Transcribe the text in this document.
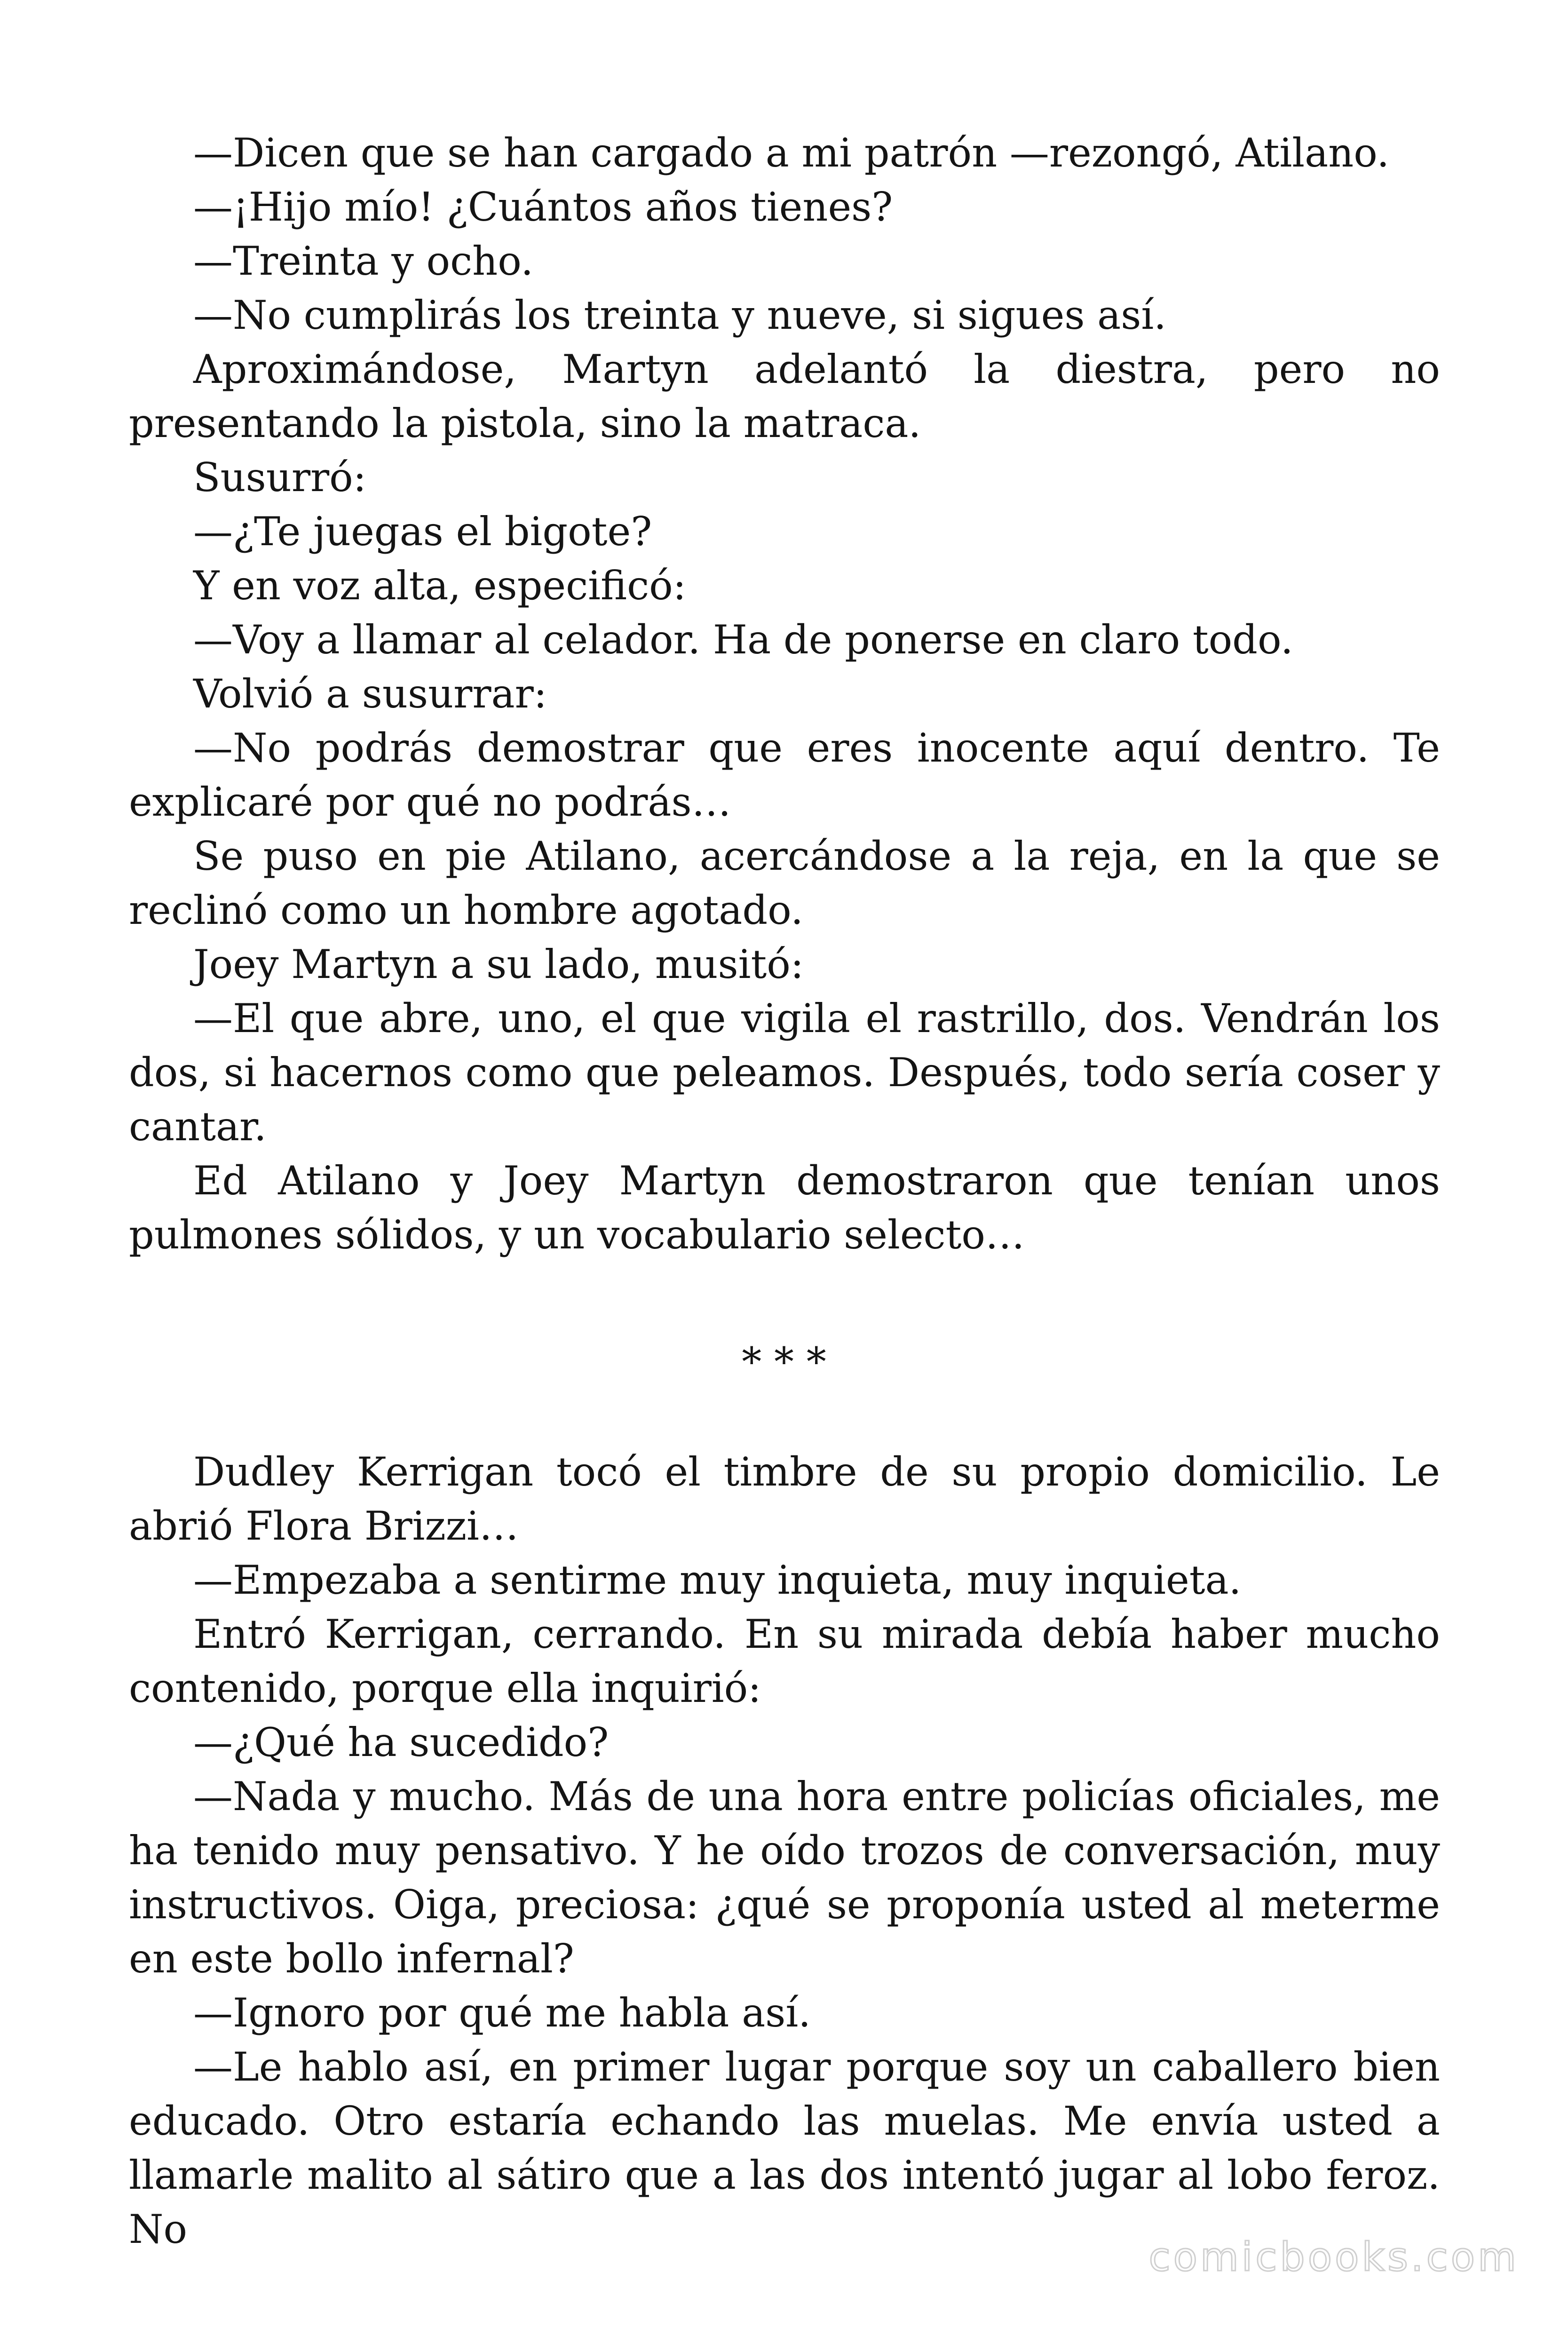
—Dicen que se han cargado a mi patrón —rezongó, Atilano.

—¡Hijo mío! ¿Cuántos años tienes?

—Treinta y ocho.

—No cumplirás los treinta y nueve, si sigues así.

Aproximándose, Martyn adelantó la diestra, pero no presentando la pistola, sino la matraca.

Susurró:

—¿Te juegas el bigote?

Y en voz alta, especificó:

—Voy a llamar al celador. Ha de ponerse en claro todo.

Volvió a susurrar:

—No podrás demostrar que eres inocente aquí dentro. Te explicaré por qué no podrás…

Se puso en pie Atilano, acercándose a la reja, en la que se reclinó como un hombre agotado.

Joey Martyn a su lado, musitó:

—El que abre, uno, el que vigila el rastrillo, dos. Vendrán los dos, si hacernos como que peleamos. Después, todo sería coser y cantar.

Ed Atilano y Joey Martyn demostraron que tenían unos pulmones sólidos, y un vocabulario selecto…

* * *

Dudley Kerrigan tocó el timbre de su propio domicilio. Le abrió Flora Brizzi…

—Empezaba a sentirme muy inquieta, muy inquieta.

Entró Kerrigan, cerrando. En su mirada debía haber mucho contenido, porque ella inquirió:

—¿Qué ha sucedido?

—Nada y mucho. Más de una hora entre policías oficiales, me ha tenido muy pensativo. Y he oído trozos de conversación, muy instructivos. Oiga, preciosa: ¿qué se proponía usted al meterme en este bollo infernal?

—Ignoro por qué me habla así.

—Le hablo así, en primer lugar porque soy un caballero bien educado. Otro estaría echando las muelas. Me envía usted a llamarle malito al sátiro que a las dos intentó jugar al lobo feroz. No

comicbooks.com
